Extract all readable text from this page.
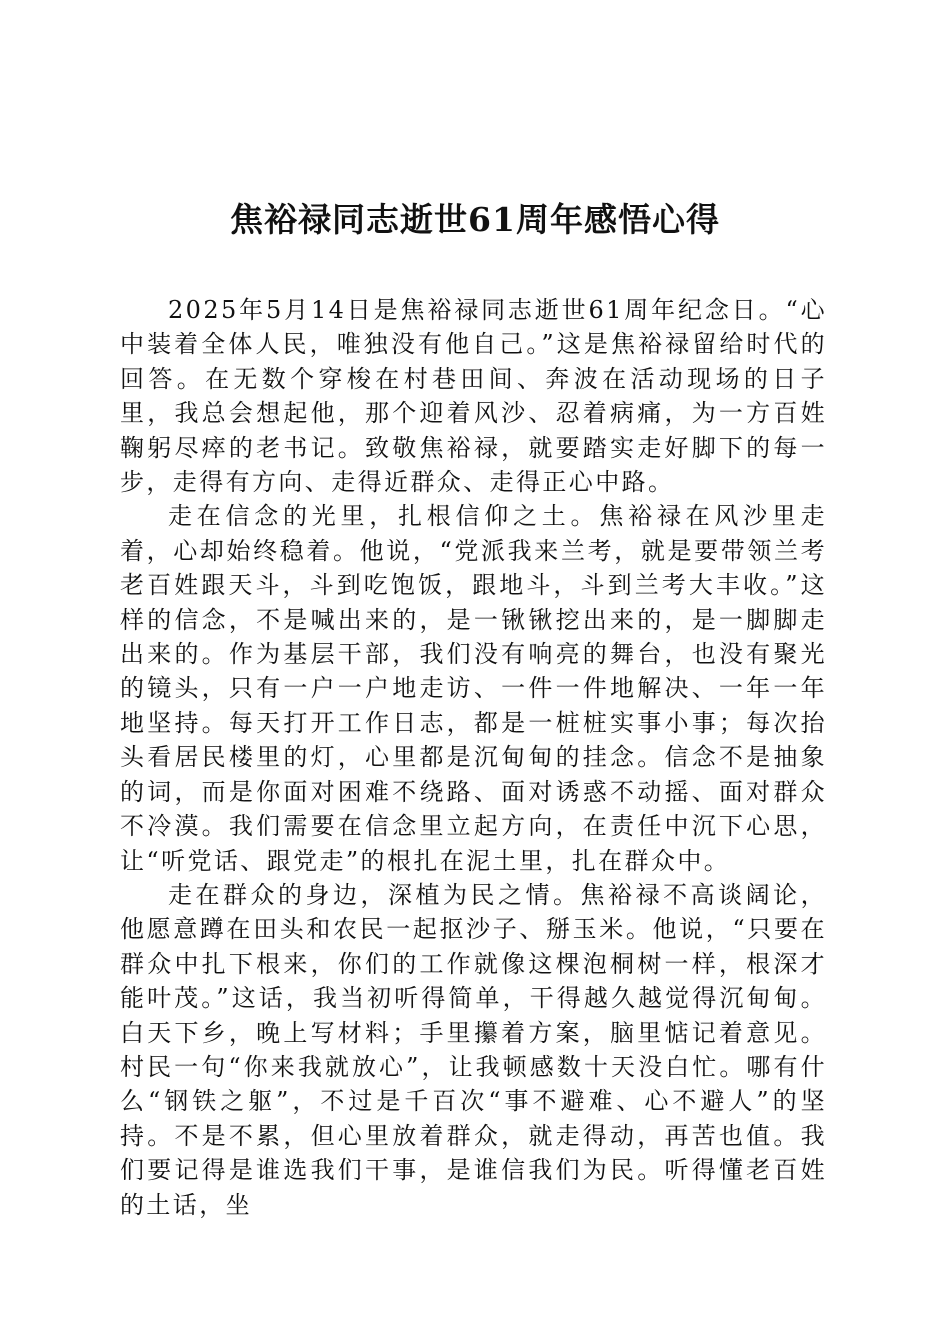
焦裕禄同志逝世61周年感悟心得

2025年5月14日是焦裕禄同志逝世61周年纪念日。“心中装着全体人民，唯独没有他自己。”这是焦裕禄留给时代的回答。在无数个穿梭在村巷田间、奔波在活动现场的日子里，我总会想起他，那个迎着风沙、忍着病痛，为一方百姓鞠躬尽瘁的老书记。致敬焦裕禄，就要踏实走好脚下的每一步，走得有方向、走得近群众、走得正心中路。

走在信念的光里，扎根信仰之土。焦裕禄在风沙里走着，心却始终稳着。他说，“党派我来兰考，就是要带领兰考老百姓跟天斗，斗到吃饱饭，跟地斗，斗到兰考大丰收。”这样的信念，不是喊出来的，是一锹锹挖出来的，是一脚脚走出来的。作为基层干部，我们没有响亮的舞台，也没有聚光的镜头，只有一户一户地走访、一件一件地解决、一年一年地坚持。每天打开工作日志，都是一桩桩实事小事；每次抬头看居民楼里的灯，心里都是沉甸甸的挂念。信念不是抽象的词，而是你面对困难不绕路、面对诱惑不动摇、面对群众不冷漠。我们需要在信念里立起方向，在责任中沉下心思，让“听党话、跟党走”的根扎在泥土里，扎在群众中。

走在群众的身边，深植为民之情。焦裕禄不高谈阔论，他愿意蹲在田头和农民一起抠沙子、掰玉米。他说，“只要在群众中扎下根来，你们的工作就像这棵泡桐树一样，根深才能叶茂。”这话，我当初听得简单，干得越久越觉得沉甸甸。白天下乡，晚上写材料；手里攥着方案，脑里惦记着意见。村民一句“你来我就放心”，让我顿感数十天没白忙。哪有什么“钢铁之躯”，不过是千百次“事不避难、心不避人”的坚持。不是不累，但心里放着群众，就走得动，再苦也值。我们要记得是谁选我们干事，是谁信我们为民。听得懂老百姓的土话，坐
